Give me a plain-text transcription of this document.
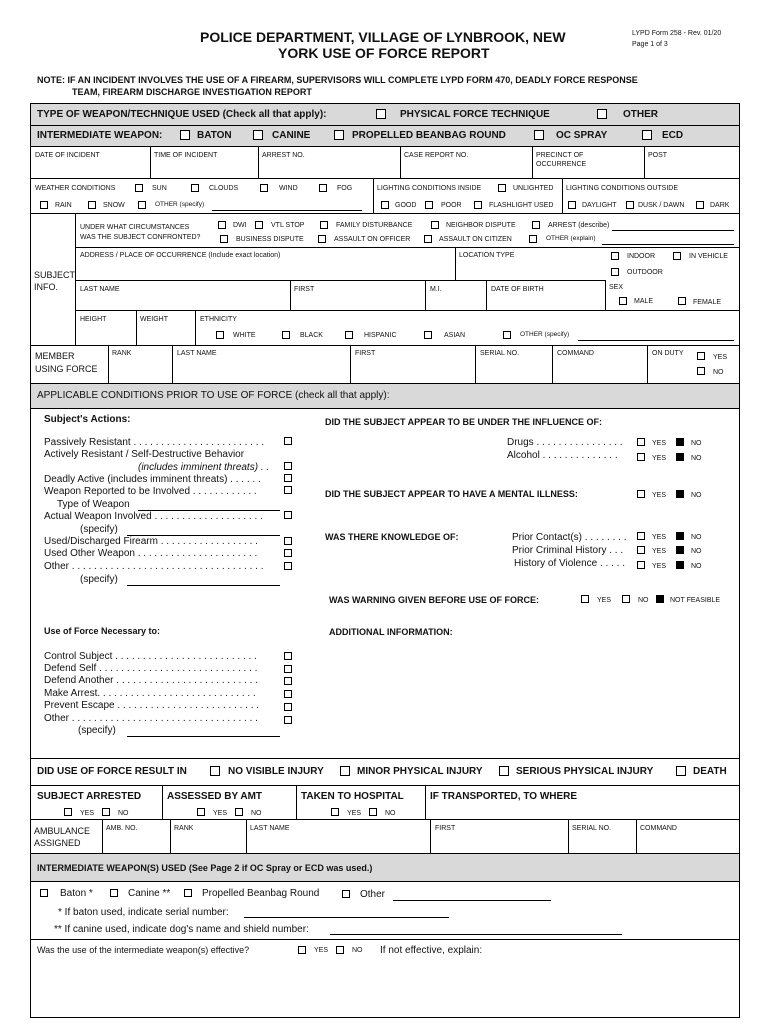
POLICE DEPARTMENT, VILLAGE OF LYNBROOK, NEW
YORK USE OF FORCE REPORT
LYPD Form 258 - Rev. 01/20
Page 1 of 3
NOTE: IF AN INCIDENT INVOLVES THE USE OF A FIREARM, SUPERVISORS WILL COMPLETE LYPD FORM 470, DEADLY FORCE RESPONSE
TEAM, FIREARM DISCHARGE INVESTIGATION REPORT
TYPE OF WEAPON/TECHNIQUE USED (Check all that apply):	PHYSICAL FORCE TECHNIQUE	OTHER
INTERMEDIATE WEAPON:	BATON	CANINE	PROPELLED BEANBAG ROUND	OC SPRAY	ECD
DATE OF INCIDENT	TIME OF INCIDENT	ARREST NO.	CASE REPORT NO.	PRECINCT OF
OCCURRENCE
POST
WEATHER CONDITIONS	SUN	CLOUDS	WIND	FOG
RAIN	SNOW	OTHER (specify)
LIGHTING CONDITIONS INSIDE	UNLIGHTED
GOOD	POOR	FLASHLIGHT USED
LIGHTING CONDITIONS OUTSIDE
DAYLIGHT	DUSK / DAWN	DARK
SUBJECT
INFO.
UNDER WHAT CIRCUMSTANCES
WAS THE SUBJECT CONFRONTED?
DWI	VTL STOP	FAMILY DISTURBANCE	NEIGHBOR DISPUTE	ARREST (describe)
BUSINESS DISPUTE	ASSAULT ON OFFICER	ASSAULT ON CITIZEN	OTHER (explain)
ADDRESS / PLACE OF OCCURRENCE (Include exact location)	LOCATION TYPE	INDOOR	IN VEHICLE
OUTDOOR
LAST NAME	FIRST	M.I.	DATE OF BIRTH	SEX
MALE	FEMALE
HEIGHT	WEIGHT	ETHNICITY
WHITE	BLACK	HISPANIC	ASIAN	OTHER (specify)
MEMBER
USING FORCE
RANK	LAST NAME	FIRST	SERIAL NO.	COMMAND	ON DUTY
YES
NO
APPLICABLE CONDITIONS PRIOR TO USE OF FORCE (check all that apply):
Subject's Actions:
Passively Resistant . . . . . . . . . . . . . . . . . . . . . . . .
Actively Resistant / Self-Destructive Behavior
(includes imminent threats) . .
Deadly Active (includes imminent threats) . . . . . .
Weapon Reported to be Involved . . . . . . . . . . . .
Type of Weapon
Actual Weapon Involved . . . . . . . . . . . . . . . . . . . .
(specify)
Used/Discharged Firearm . . . . . . . . . . . . . . . . . .
Used Other Weapon . . . . . . . . . . . . . . . . . . . . . .
Other . . . . . . . . . . . . . . . . . . . . . . . . . . . . . . . . . . .
(specify)
DID THE SUBJECT APPEAR TO BE UNDER THE INFLUENCE OF:
Drugs . . . . . . . . . . . . . . . .	YES	NO
Alcohol . . . . . . . . . . . . . .	YES	NO
DID THE SUBJECT APPEAR TO HAVE A MENTAL ILLNESS:	YES	NO
WAS THERE KNOWLEDGE OF:	Prior Contact(s) . . . . . . . .	YES	NO
Prior Criminal History . . .	YES	NO
History of Violence . . . . .	YES	NO
WAS WARNING GIVEN BEFORE USE OF FORCE:	YES	NO	NOT FEASIBLE
Use of Force Necessary to:	ADDITIONAL INFORMATION:
Control Subject . . . . . . . . . . . . . . . . . . . . . . . . . .
Defend Self . . . . . . . . . . . . . . . . . . . . . . . . . . . . .
Defend Another . . . . . . . . . . . . . . . . . . . . . . . . . .
Make Arrest. . . . . . . . . . . . . . . . . . . . . . . . . . . . .
Prevent Escape . . . . . . . . . . . . . . . . . . . . . . . . . .
Other . . . . . . . . . . . . . . . . . . . . . . . . . . . . . . . . . .
(specify)
DID USE OF FORCE RESULT IN	NO VISIBLE INJURY	MINOR PHYSICAL INJURY	SERIOUS PHYSICAL INJURY	DEATH
SUBJECT ARRESTED
YES	NO
ASSESSED BY AMT
YES	NO
TAKEN TO HOSPITAL
YES	NO
IF TRANSPORTED, TO WHERE
AMBULANCE
ASSIGNED
AMB. NO.	RANK	LAST NAME	FIRST	SERIAL NO.	COMMAND
INTERMEDIATE WEAPON(S) USED (See Page 2 if OC Spray or ECD was used.)
Baton *	Canine **	Propelled Beanbag Round	Other
* If baton used, indicate serial number:
** If canine used, indicate dog's name and shield number:
Was the use of the intermediate weapon(s) effective?	YES	NO If not effective, explain:
